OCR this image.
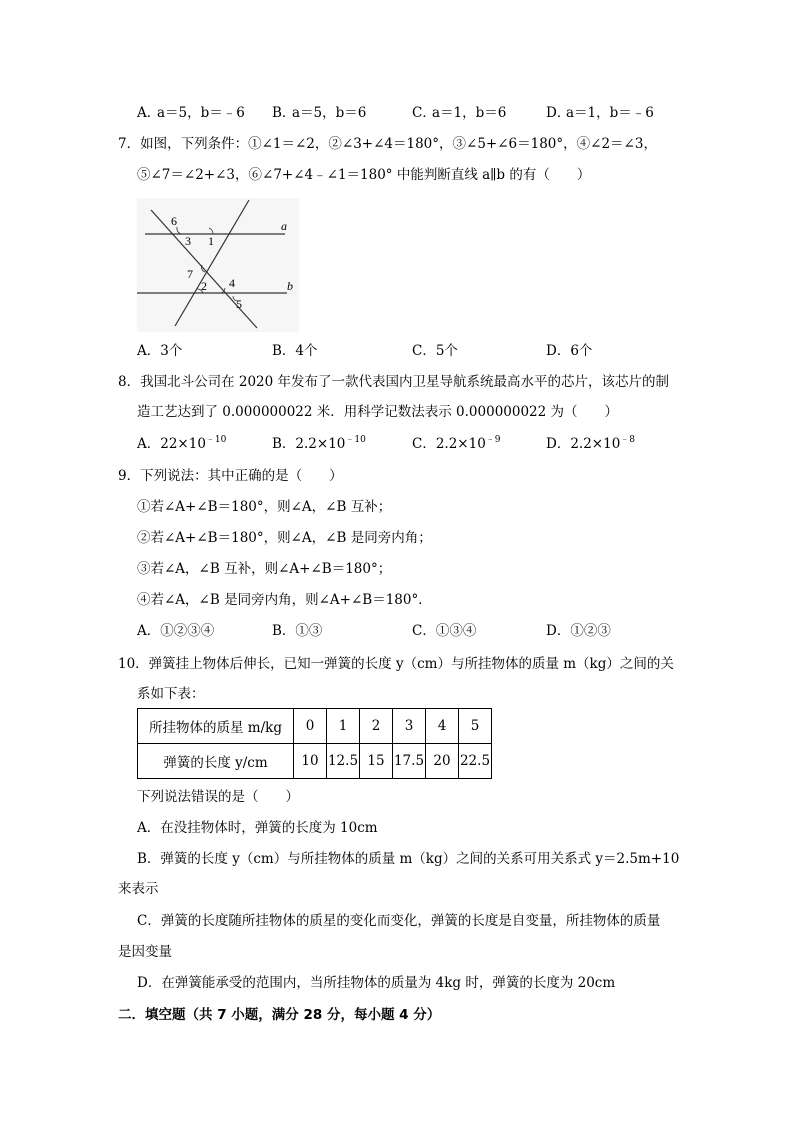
A．
a＝5，b＝﹣6 B．
a＝5，b＝6	C．
a＝1，b＝6	D．
a＝1，b＝﹣6
7．如图，下列条件：①∠1＝∠2，②∠3+∠4＝180°，③∠5+∠6＝180°，④∠2＝∠3，
⑤∠7＝∠2+∠3，⑥∠7+∠4﹣∠1＝180° 中能判断直线 a∥b 的有（　　）
6
3 1
7
2 4
5
a
b
A．3个	B．4个	C．5个	D．6个
8．我国北斗公司在 2020 年发布了一款代表国内卫星导航系统最高水平的芯片，该芯片的制
造工艺达到了 0.000000022 米．用科学记数法表示 0.000000022 为（　　）
A．$22\times 10^{﹣10}$	B．$2.2\times 10^{﹣10}$	C．$2.2\times 10^{﹣9}$	D．$2.2\times 10^{﹣8}$
9．下列说法：其中正确的是（　　）
①若∠A+∠B＝180°，则∠A，∠B 互补；
②若∠A+∠B＝180°，则∠A，∠B 是同旁内角；
③若∠A，∠B 互补，则∠A+∠B＝180°；
④若∠A，∠B 是同旁内角，则∠A+∠B＝180°．
A．①②③④	B．①③	C．①③④	D．①②③
10．弹簧挂上物体后伸长，已知一弹簧的长度 y（cm）与所挂物体的质量 m（kg）之间的关
系如下表：
所挂物体的质星 m/kg	0	1	2	3	4	5
弹簧的长度 y/cm	10	12.5	15	17.5	20	22.5
下列说法错误的是（　　）
A．在没挂物体时，弹簧的长度为 10cm
B．弹簧的长度 y（cm）与所挂物体的质量 m（kg）之间的关系可用关系式 y＝2.5m+10
来表示
C．弹簧的长度随所挂物体的质星的变化而变化，弹簧的长度是自变量，所挂物体的质量
是因变量
D．在弹簧能承受的范围内，当所挂物体的质量为 4kg 时，弹簧的长度为 20cm
二．填空题（共 7 小题，满分 28 分，每小题 4 分）
